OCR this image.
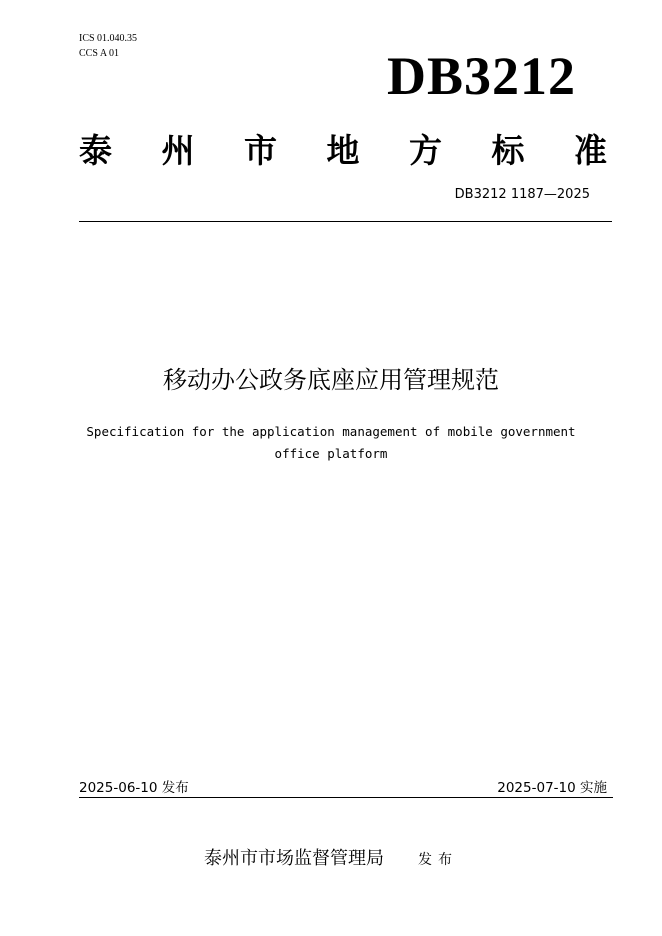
ICS 01.040.35
CCS A 01	DB3212
泰 州 市 地 方 标 准
DB3212 1187—2025
移动办公政务底座应用管理规范
Specification for the application management of mobile government
office platform
2025-06-10 发布	2025-07-10 实施
泰州市市场监督管理局 发布
